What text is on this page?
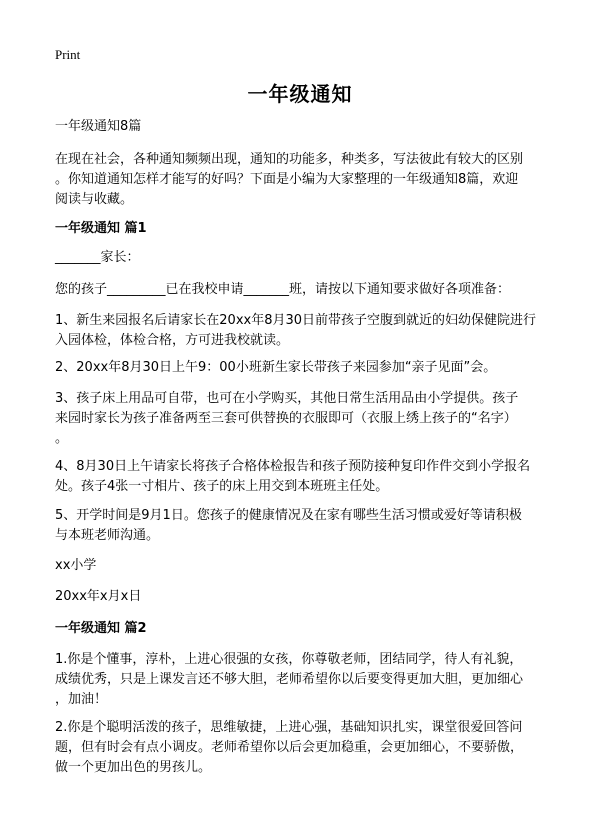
Print
一年级通知
一年级通知8篇
在现在社会，各种通知频频出现，通知的功能多，种类多，写法彼此有较大的区别
。你知道通知怎样才能写的好吗？下面是小编为大家整理的一年级通知8篇，欢迎
阅读与收藏。
一年级通知 篇1
_______家长：
您的孩子_________已在我校申请_______班，请按以下通知要求做好各项准备：
1、新生来园报名后请家长在20xx年8月30日前带孩子空腹到就近的妇幼保健院进行
入园体检，体检合格，方可进我校就读。
2、20xx年8月30日上午9：00小班新生家长带孩子来园参加“亲子见面”会。
3、孩子床上用品可自带，也可在小学购买，其他日常生活用品由小学提供。孩子
来园时家长为孩子准备两至三套可供替换的衣服即可（衣服上绣上孩子的“名字）
。
4、8月30日上午请家长将孩子合格体检报告和孩子预防接种复印作件交到小学报名
处。孩子4张一寸相片、孩子的床上用交到本班班主任处。
5、开学时间是9月1日。您孩子的健康情况及在家有哪些生活习惯或爱好等请积极
与本班老师沟通。
xx小学
20xx年x月x日
一年级通知 篇2
1.你是个懂事，淳朴，上进心很强的女孩，你尊敬老师，团结同学，待人有礼貌，
成绩优秀，只是上课发言还不够大胆，老师希望你以后要变得更加大胆，更加细心
，加油！
2.你是个聪明活泼的孩子，思维敏捷，上进心强，基础知识扎实，课堂很爱回答问
题，但有时会有点小调皮。老师希望你以后会更加稳重，会更加细心，不要骄傲，
做一个更加出色的男孩儿。
